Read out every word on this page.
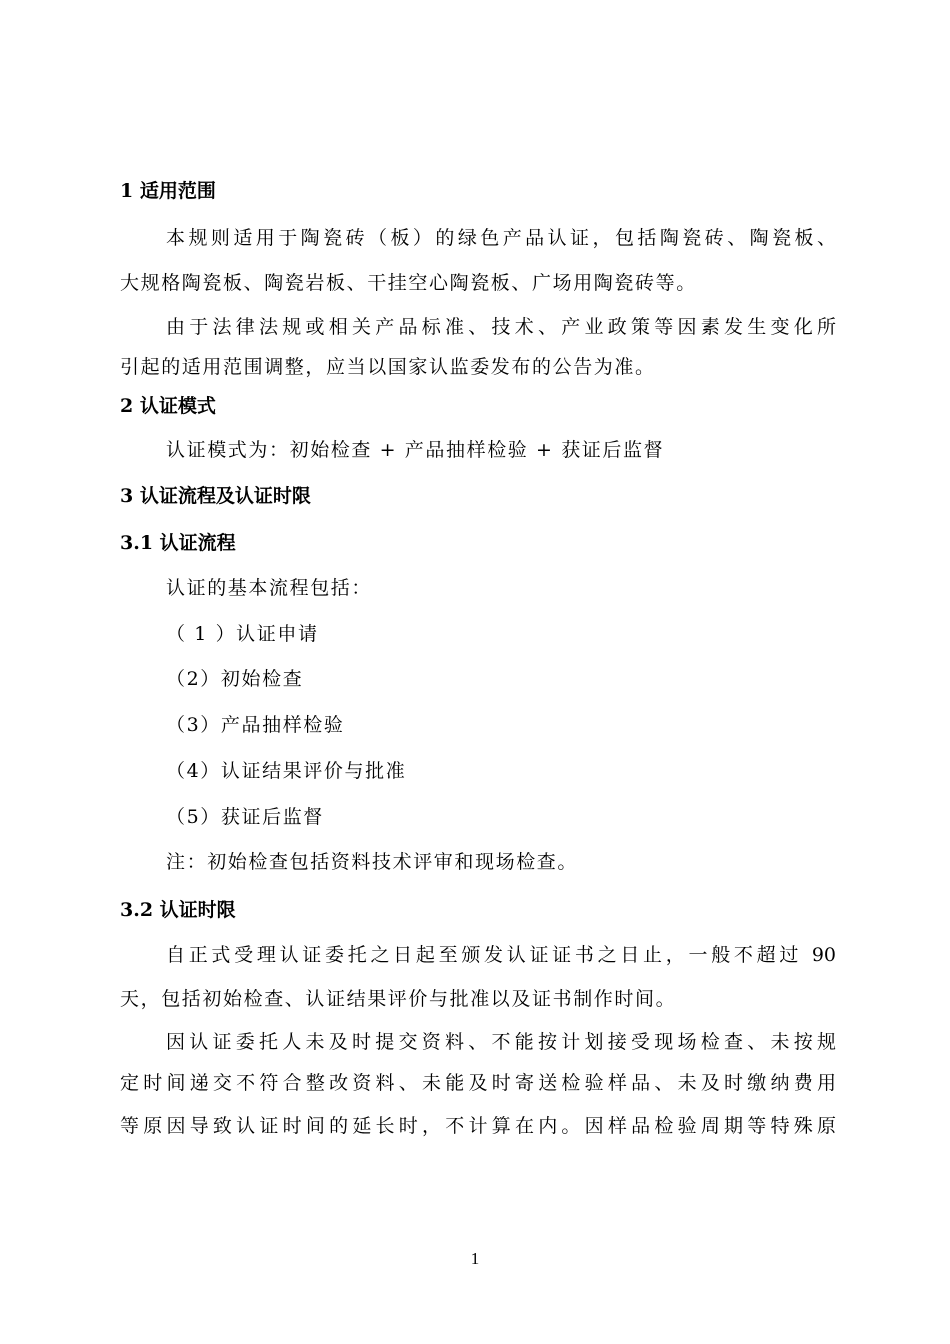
1 适用范围
本规则适用于陶瓷砖（板）的绿色产品认证，包括陶瓷砖、陶瓷板、
大规格陶瓷板、陶瓷岩板、干挂空心陶瓷板、广场用陶瓷砖等。
由于法律法规或相关产品标准、技术、产业政策等因素发生变化所
引起的适用范围调整，应当以国家认监委发布的公告为准。
2 认证模式
认证模式为：初始检查 + 产品抽样检验 + 获证后监督
3 认证流程及认证时限
3.1 认证流程
认证的基本流程包括：
（ 1 ）认证申请
（2）初始检查
（3）产品抽样检验
（4）认证结果评价与批准
（5）获证后监督
注：初始检查包括资料技术评审和现场检查。
3.2 认证时限
自正式受理认证委托之日起至颁发认证证书之日止，一般不超过 90
天，包括初始检查、认证结果评价与批准以及证书制作时间。
因认证委托人未及时提交资料、不能按计划接受现场检查、未按规
定时间递交不符合整改资料、未能及时寄送检验样品、未及时缴纳费用
等原因导致认证时间的延长时，不计算在内。因样品检验周期等特殊原
1
